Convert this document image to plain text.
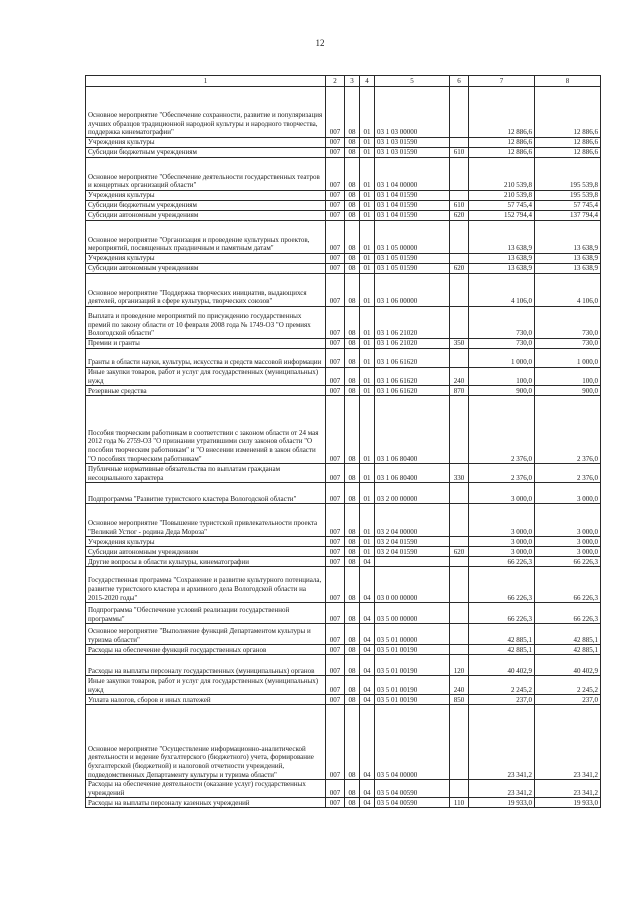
12
1	2	3	4	5	6	7	8
Основное мероприятие "Обеспечение сохранности, развитие и популяризация лучших образцов традиционной народной культуры и народного творчества, поддержка кинематографии"	007	08	01	03 1 03 00000		12 886,6	12 886,6
Учреждения культуры	007	08	01	03 1 03 01590		12 886,6	12 886,6
Субсидии бюджетным учреждениям	007	08	01	03 1 03 01590	610	12 886,6	12 886,6
Основное мероприятие "Обеспечение деятельности государственных театров и концертных организаций области"	007	08	01	03 1 04 00000		210 539,8	195 539,8
Учреждения культуры	007	08	01	03 1 04 01590		210 539,8	195 539,8
Субсидии бюджетным учреждениям	007	08	01	03 1 04 01590	610	57 745,4	57 745,4
Субсидии автономным учреждениям	007	08	01	03 1 04 01590	620	152 794,4	137 794,4
Основное мероприятие "Организация и проведение культурных проектов, мероприятий, посвященных праздничным и памятным датам"	007	08	01	03 1 05 00000		13 638,9	13 638,9
Учреждения культуры	007	08	01	03 1 05 01590		13 638,9	13 638,9
Субсидии автономным учреждениям	007	08	01	03 1 05 01590	620	13 638,9	13 638,9
Основное мероприятие "Поддержка творческих инициатив, выдающихся деятелей, организаций в сфере культуры, творческих союзов"	007	08	01	03 1 06 00000		4 106,0	4 106,0
Выплата и проведение мероприятий по присуждению государственных премий по закону области от 10 февраля 2008 года № 1749-ОЗ "О премиях Вологодской области"	007	08	01	03 1 06 21020		730,0	730,0
Премии и гранты	007	08	01	03 1 06 21020	350	730,0	730,0
Гранты в области науки, культуры, искусства и средств массовой информации	007	08	01	03 1 06 61620		1 000,0	1 000,0
Иные закупки товаров, работ и услуг для государственных (муниципальных) нужд	007	08	01	03 1 06 61620	240	100,0	100,0
Резервные средства	007	08	01	03 1 06 61620	870	900,0	900,0
Пособия творческим работникам в соответствии с законом области от 24 мая 2012 года № 2759-ОЗ "О признании утратившими силу законов области "О пособии творческим работникам" и "О внесении изменений в закон области "О пособиях творческим работникам"	007	08	01	03 1 06 80400		2 376,0	2 376,0
Публичные нормативные обязательства по выплатам гражданам несоциального характера	007	08	01	03 1 06 80400	330	2 376,0	2 376,0
Подпрограмма "Развитие туристского кластера Вологодской области"	007	08	01	03 2 00 00000		3 000,0	3 000,0
Основное мероприятие "Повышение туристской привлекательности проекта "Великий Устюг - родина Деда Мороза"	007	08	01	03 2 04 00000		3 000,0	3 000,0
Учреждения культуры	007	08	01	03 2 04 01590		3 000,0	3 000,0
Субсидии автономным учреждениям	007	08	01	03 2 04 01590	620	3 000,0	3 000,0
Другие вопросы в области культуры, кинематографии	007	08	04			66 226,3	66 226,3
Государственная программа "Сохранение и развитие культурного потенциала, развитие туристского кластера и архивного дела Вологодской области на 2015-2020 годы"	007	08	04	03 0 00 00000		66 226,3	66 226,3
Подпрограмма "Обеспечение условий реализации государственной программы"	007	08	04	03 5 00 00000		66 226,3	66 226,3
Основное мероприятие "Выполнение функций Департаментом культуры и туризма области"	007	08	04	03 5 01 00000		42 885,1	42 885,1
Расходы на обеспечение функций государственных органов	007	08	04	03 5 01 00190		42 885,1	42 885,1
Расходы на выплаты персоналу государственных (муниципальных) органов	007	08	04	03 5 01 00190	120	40 402,9	40 402,9
Иные закупки товаров, работ и услуг для государственных (муниципальных) нужд	007	08	04	03 5 01 00190	240	2 245,2	2 245,2
Уплата налогов, сборов и иных платежей	007	08	04	03 5 01 00190	850	237,0	237,0
Основное мероприятие "Осуществление информационно-аналитической деятельности и ведение бухгалтерского (бюджетного) учета, формирование бухгалтерской (бюджетной) и налоговой отчетности учреждений, подведомственных Департаменту культуры и туризма области"	007	08	04	03 5 04 00000		23 341,2	23 341,2
Расходы на обеспечение деятельности (оказание услуг) государственных учреждений	007	08	04	03 5 04 00590		23 341,2	23 341,2
Расходы на выплаты персоналу казенных учреждений	007	08	04	03 5 04 00590	110	19 933,0	19 933,0
